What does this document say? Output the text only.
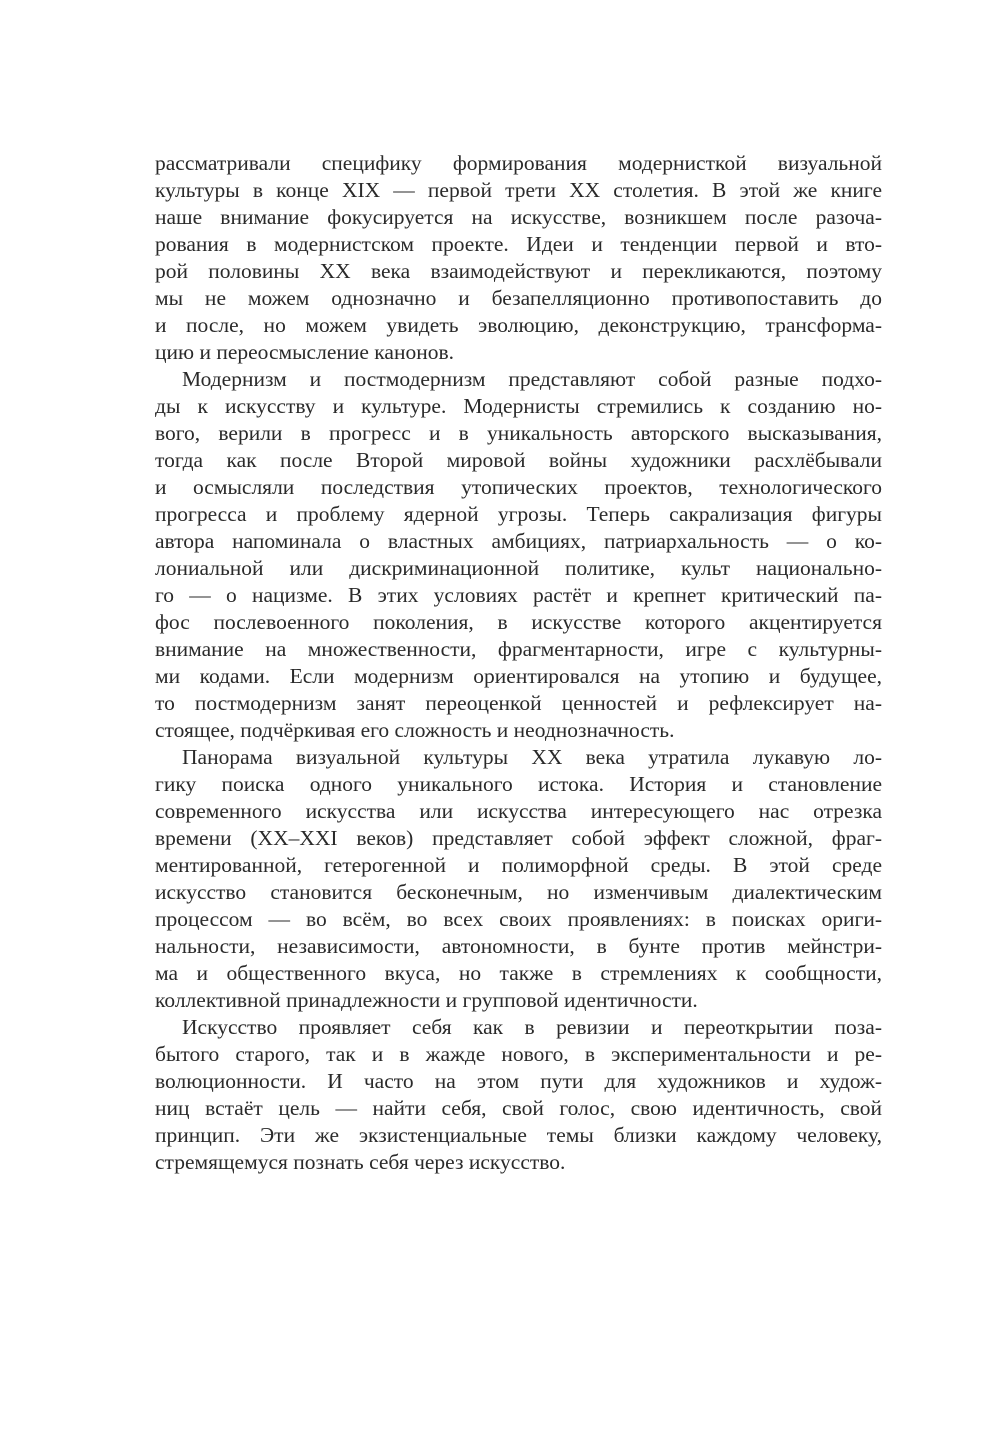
рассматривали специфику формирования модернисткой визуальной
культуры в конце XIX — первой трети XX столетия. В этой же книге
наше внимание фокусируется на искусстве, возникшем после разоча-
рования в модернистском проекте. Идеи и тенденции первой и вто-
рой половины XX века взаимодействуют и перекликаются, поэтому
мы не можем однозначно и безапелляционно противопоставить до
и после, но можем увидеть эволюцию, деконструкцию, трансформа-
цию и переосмысление канонов.
Модернизм и постмодернизм представляют собой разные подхо-
ды к искусству и культуре. Модернисты стремились к созданию но-
вого, верили в прогресс и в уникальность авторского высказывания,
тогда как после Второй мировой войны художники расхлёбывали
и осмысляли последствия утопических проектов, технологического
прогресса и проблему ядерной угрозы. Теперь сакрализация фигуры
автора напоминала о властных амбициях, патриархальность — о ко-
лониальной или дискриминационной политике, культ национально-
го — о нацизме. В этих условиях растёт и крепнет критический па-
фос послевоенного поколения, в искусстве которого акцентируется
внимание на множественности, фрагментарности, игре с культурны-
ми кодами. Если модернизм ориентировался на утопию и будущее,
то постмодернизм занят переоценкой ценностей и рефлексирует на-
стоящее, подчёркивая его сложность и неоднозначность.
Панорама визуальной культуры XX века утратила лукавую ло-
гику поиска одного уникального истока. История и становление
современного искусства или искусства интересующего нас отрезка
времени (XX–XXI веков) представляет собой эффект сложной, фраг-
ментированной, гетерогенной и полиморфной среды. В этой среде
искусство становится бесконечным, но изменчивым диалектическим
процессом — во всём, во всех своих проявлениях: в поисках ориги-
нальности, независимости, автономности, в бунте против мейнстри-
ма и общественного вкуса, но также в стремлениях к сообщности,
коллективной принадлежности и групповой идентичности.
Искусство проявляет себя как в ревизии и переоткрытии поза-
бытого старого, так и в жажде нового, в экспериментальности и ре-
волюционности. И часто на этом пути для художников и худож-
ниц встаёт цель — найти себя, свой голос, свою идентичность, свой
принцип. Эти же экзистенциальные темы близки каждому человеку,
стремящемуся познать себя через искусство.
